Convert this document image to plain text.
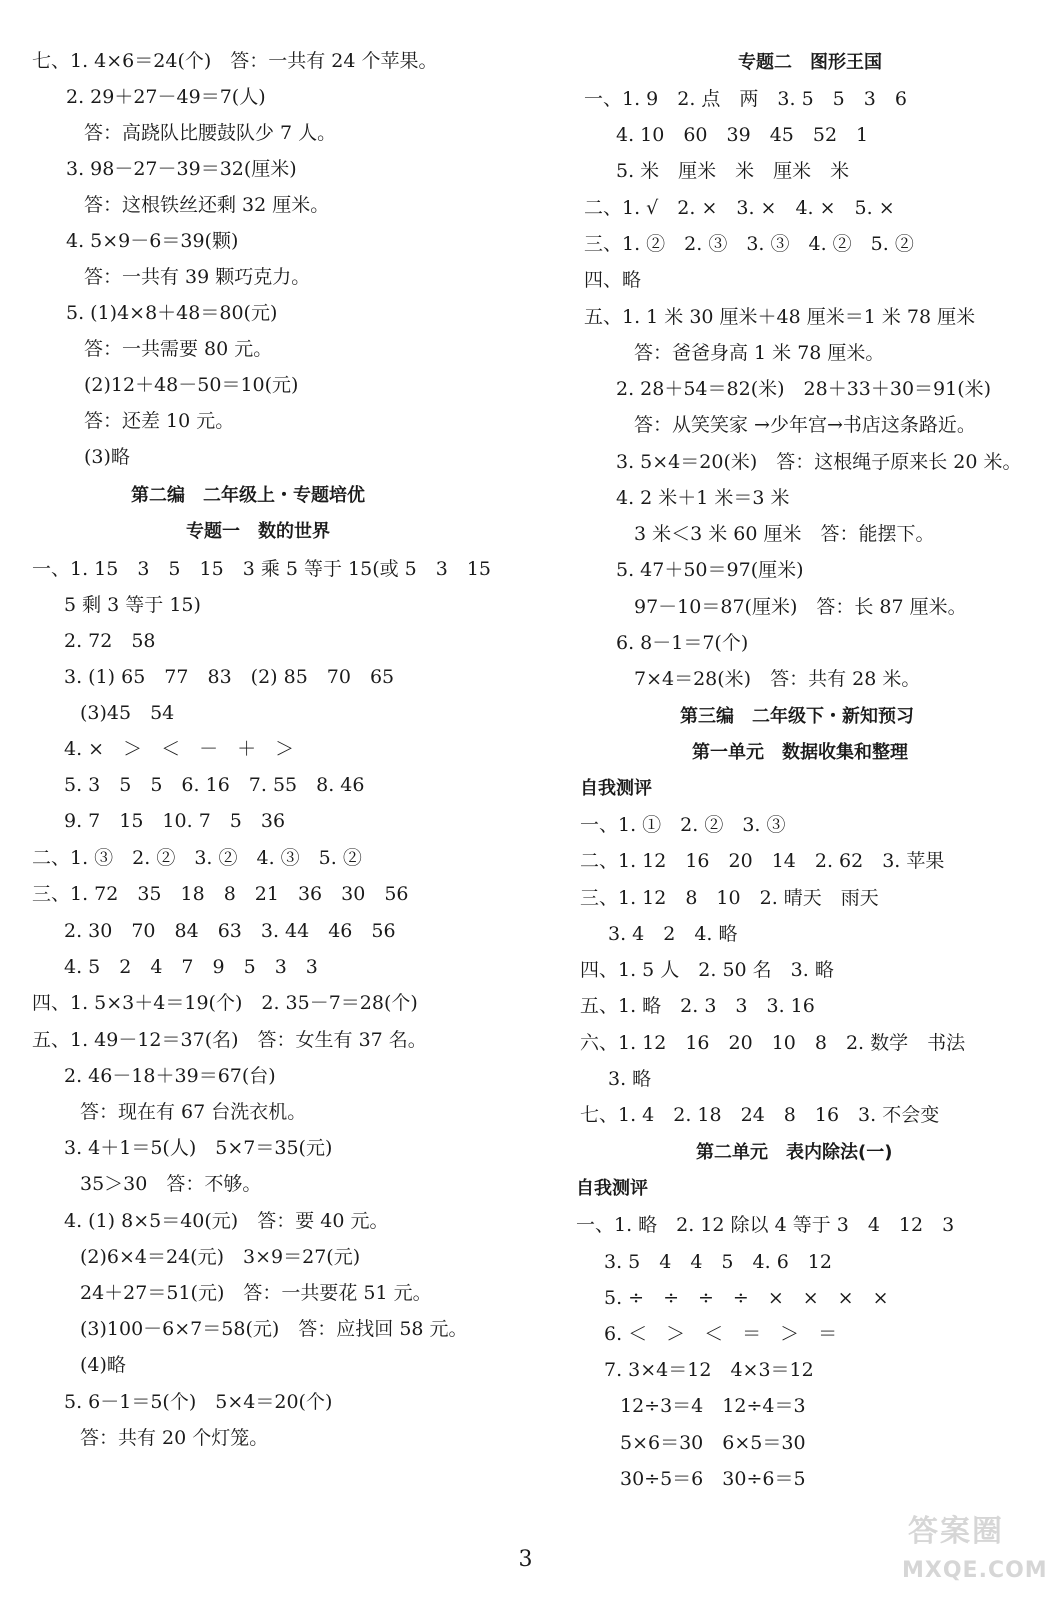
七、1. 4×6＝24(个)　答：一共有 24 个苹果。
2. 29＋27－49＝7(人)
答：高跷队比腰鼓队少 7 人。
3. 98－27－39＝32(厘米)
答：这根铁丝还剩 32 厘米。
4. 5×9－6＝39(颗)
答：一共有 39 颗巧克力。
5. (1)4×8＋48＝80(元)
答：一共需要 80 元。
(2)12＋48－50＝10(元)
答：还差 10 元。
(3)略
第二编　二年级上・专题培优
专题一　数的世界
一、1. 15　3　5　15　3 乘 5 等于 15(或 5　3　15
5 剩 3 等于 15)
2. 72　58
3. (1) 65　77　83　(2) 85　70　65
(3)45　54
4. ×　＞　＜　－　＋　＞
5. 3　5　5　6. 16　7. 55　8. 46
9. 7　15　10. 7　5　36
二、1. ③　2. ②　3. ②　4. ③　5. ②
三、1. 72　35　18　8　21　36　30　56
2. 30　70　84　63　3. 44　46　56
4. 5　2　4　7　9　5　3　3
四、1. 5×3＋4＝19(个)　2. 35－7＝28(个)
五、1. 49－12＝37(名)　答：女生有 37 名。
2. 46－18＋39＝67(台)
答：现在有 67 台洗衣机。
3. 4＋1＝5(人)　5×7＝35(元)
35＞30　答：不够。
4. (1) 8×5＝40(元)　答：要 40 元。
(2)6×4＝24(元)　3×9＝27(元)
24＋27＝51(元)　答：一共要花 51 元。
(3)100－6×7＝58(元)　答：应找回 58 元。
(4)略
5. 6－1＝5(个)　5×4＝20(个)
答：共有 20 个灯笼。
专题二　图形王国
一、1. 9　2. 点　两　3. 5　5　3　6
4. 10　60　39　45　52　1
5. 米　厘米　米　厘米　米
二、1. √　2. ×　3. ×　4. ×　5. ×
三、1. ②　2. ③　3. ③　4. ②　5. ②
四、略
五、1. 1 米 30 厘米＋48 厘米＝1 米 78 厘米
答：爸爸身高 1 米 78 厘米。
2. 28＋54＝82(米)　28＋33＋30＝91(米)
答：从笑笑家 →少年宫→书店这条路近。
3. 5×4＝20(米)　答：这根绳子原来长 20 米。
4. 2 米＋1 米＝3 米
3 米＜3 米 60 厘米　答：能摆下。
5. 47＋50＝97(厘米)
97－10＝87(厘米)　答：长 87 厘米。
6. 8－1＝7(个)
7×4＝28(米)　答：共有 28 米。
第三编　二年级下・新知预习
第一单元　数据收集和整理
自我测评
一、1. ①　2. ②　3. ③
二、1. 12　16　20　14　2. 62　3. 苹果
三、1. 12　8　10　2. 晴天　雨天
3. 4　2　4. 略
四、1. 5 人　2. 50 名　3. 略
五、1. 略　2. 3　3　3. 16
六、1. 12　16　20　10　8　2. 数学　书法
3. 略
七、1. 4　2. 18　24　8　16　3. 不会变
第二单元　表内除法(一)
自我测评
一、1. 略　2. 12 除以 4 等于 3　4　12　3
3. 5　4　4　5　4. 6　12
5. ÷　÷　÷　÷　×　×　×　×
6. ＜　＞　＜　＝　＞　＝
7. 3×4＝12　4×3＝12
12÷3＝4　12÷4＝3
5×6＝30　6×5＝30
30÷5＝6　30÷6＝5
3
答案圈
MXQE.COM
